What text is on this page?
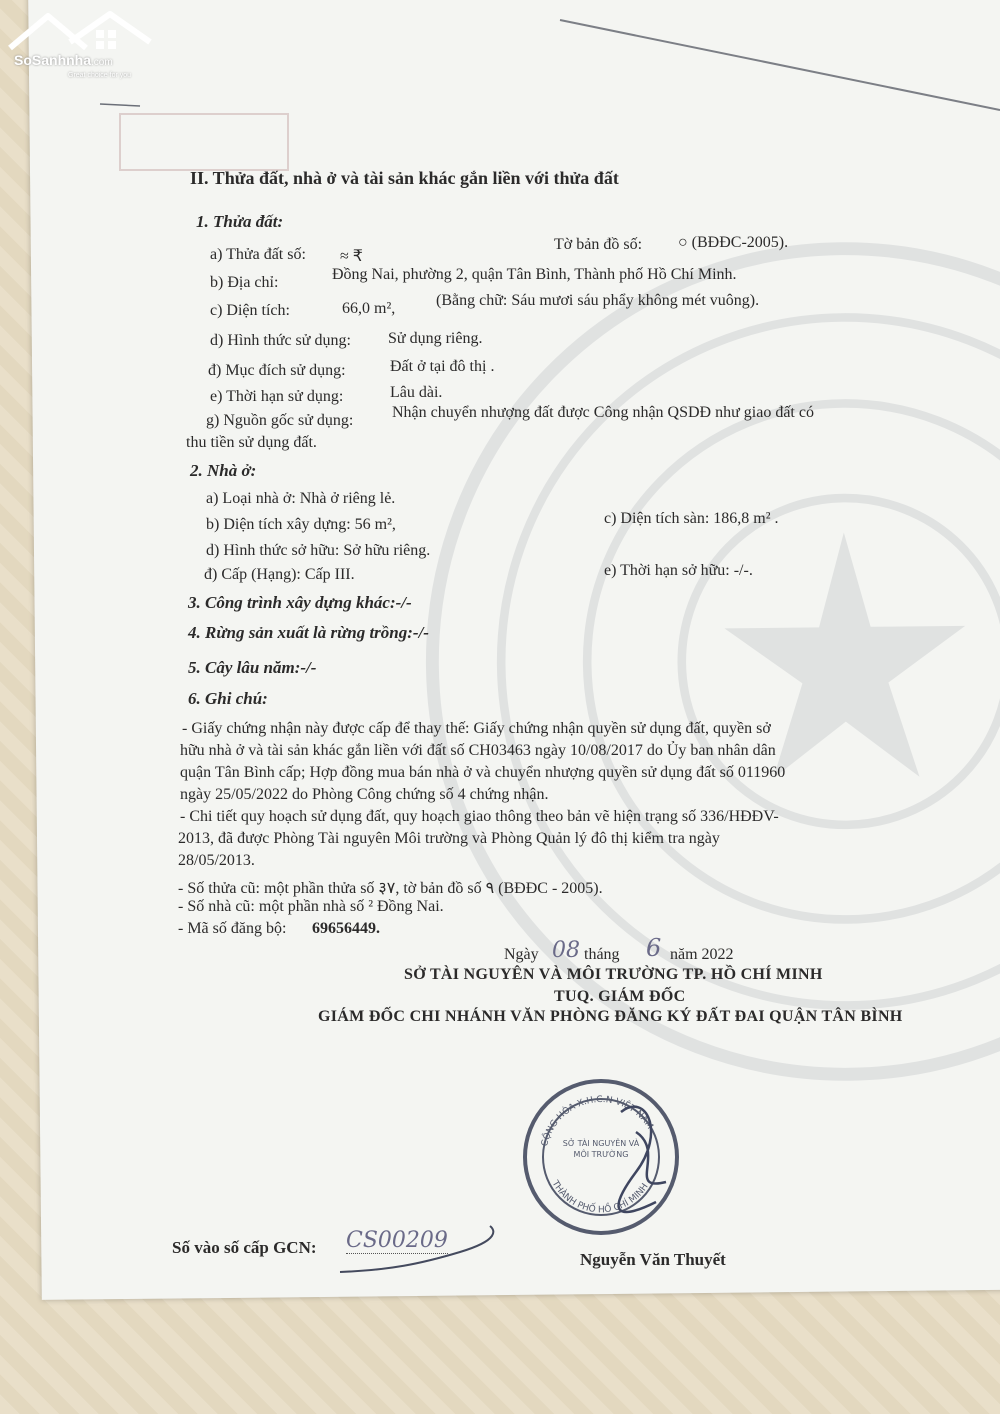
SoSanhnha.com
Great choice for you
II. Thửa đất, nhà ở và tài sản khác gắn liền với thửa đất
1. Thửa đất:
a) Thửa đất số: ≈ ₹
Tờ bản đồ số: ○ (BĐĐC-2005).
b) Địa chỉ:	Đồng Nai, phường 2, quận Tân Bình, Thành phố Hồ Chí Minh.
c) Diện tích:	66,0 m²,	(Bằng chữ: Sáu mươi sáu phẩy không mét vuông).
d) Hình thức sử dụng: Sử dụng riêng.
đ) Mục đích sử dụng:	Đất ở tại đô thị .
e) Thời hạn sử dụng:	Lâu dài.
g) Nguồn gốc sử dụng: Nhận chuyển nhượng đất được Công nhận QSDĐ như giao đất có
thu tiền sử dụng đất.
2. Nhà ở:
a) Loại nhà ở: Nhà ở riêng lẻ.
b) Diện tích xây dựng: 56 m²,	c) Diện tích sàn: 186,8 m² .
d) Hình thức sở hữu: Sở hữu riêng.
đ) Cấp (Hạng): Cấp III.	e) Thời hạn sở hữu: -/-.
3. Công trình xây dựng khác:-/-
4. Rừng sản xuất là rừng trồng:-/-
5. Cây lâu năm:-/-
6. Ghi chú:
- Giấy chứng nhận này được cấp để thay thế: Giấy chứng nhận quyền sử dụng đất, quyền sở
hữu nhà ở và tài sản khác gắn liền với đất số CH03463 ngày 10/08/2017 do Ủy ban nhân dân
quận Tân Bình cấp; Hợp đồng mua bán nhà ở và chuyển nhượng quyền sử dụng đất số 011960
ngày 25/05/2022 do Phòng Công chứng số 4 chứng nhận.
- Chi tiết quy hoạch sử dụng đất, quy hoạch giao thông theo bản vẽ hiện trạng số 336/HĐĐV-
2013, đã được Phòng Tài nguyên Môi trường và Phòng Quản lý đô thị kiểm tra ngày
28/05/2013.
- Số thửa cũ: một phần thửa số ३٧, tờ bản đồ số ۹ (BĐĐC - 2005).
- Số nhà cũ: một phần nhà số ² Đồng Nai.
- Mã số đăng bộ: 69656449.
Ngày 08 tháng 6 năm 2022
SỞ TÀI NGUYÊN VÀ MÔI TRƯỜNG TP. HỒ CHÍ MINH
TUQ. GIÁM ĐỐC
GIÁM ĐỐC CHI NHÁNH VĂN PHÒNG ĐĂNG KÝ ĐẤT ĐAI QUẬN TÂN BÌNH
CỘNG HÒA X.H.C.N VIỆT NAM
THÀNH PHỐ HỒ CHÍ MINH
SỞ TÀI NGUYÊN VÀ MÔI TRƯỜNG
Nguyễn Văn Thuyết
Số vào số cấp GCN: CS00209
